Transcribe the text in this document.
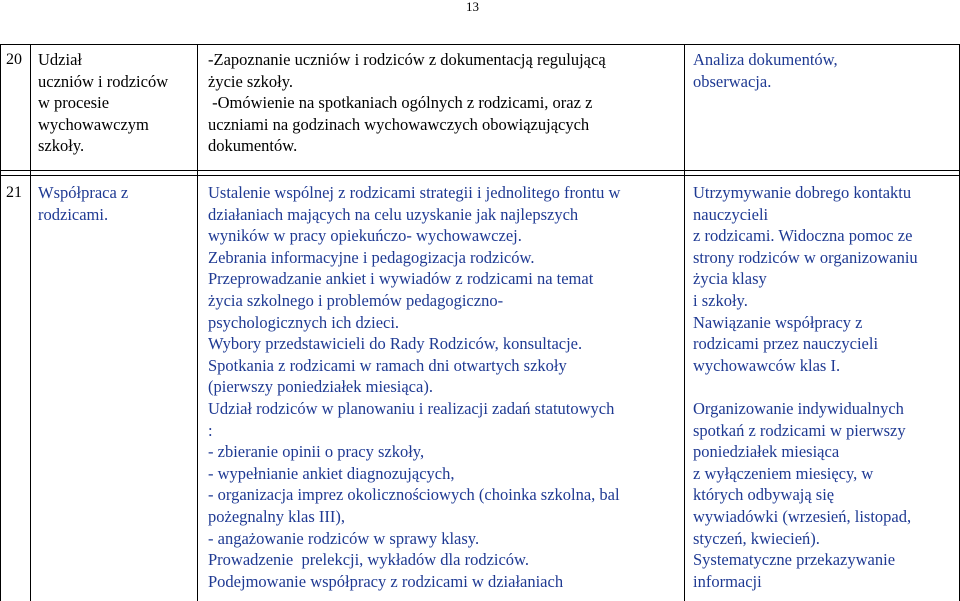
13
20 Udział
uczniów i rodziców
w procesie
wychowawczym
szkoły.
-Zapoznanie uczniów i rodziców z dokumentacją regulującą
życie szkoły.
-Omówienie na spotkaniach ogólnych z rodzicami, oraz z
uczniami na godzinach wychowawczych obowiązujących
dokumentów.
Analiza dokumentów,
obserwacja.
21 Współpraca z
rodzicami.
Ustalenie wspólnej z rodzicami strategii i jednolitego frontu w
działaniach mających na celu uzyskanie jak najlepszych
wyników w pracy opiekuńczo- wychowawczej.
Zebrania informacyjne i pedagogizacja rodziców.
Przeprowadzanie ankiet i wywiadów z rodzicami na temat
życia szkolnego i problemów pedagogiczno-
psychologicznych ich dzieci.
Wybory przedstawicieli do Rady Rodziców, konsultacje.
Spotkania z rodzicami w ramach dni otwartych szkoły
(pierwszy poniedziałek miesiąca).
Udział rodziców w planowaniu i realizacji zadań statutowych
:
- zbieranie opinii o pracy szkoły,
- wypełnianie ankiet diagnozujących,
- organizacja imprez okolicznościowych (choinka szkolna, bal
pożegnalny klas III),
- angażowanie rodziców w sprawy klasy.
Prowadzenie  prelekcji, wykładów dla rodziców.
Podejmowanie współpracy z rodzicami w działaniach
Utrzymywanie dobrego kontaktu
nauczycieli
z rodzicami. Widoczna pomoc ze
strony rodziców w organizowaniu
życia klasy
i szkoły.
Nawiązanie współpracy z
rodzicami przez nauczycieli
wychowawców klas I.
Organizowanie indywidualnych
spotkań z rodzicami w pierwszy
poniedziałek miesiąca
z wyłączeniem miesięcy, w
których odbywają się
wywiadówki (wrzesień, listopad,
styczeń, kwiecień).
Systematyczne przekazywanie
informacji
